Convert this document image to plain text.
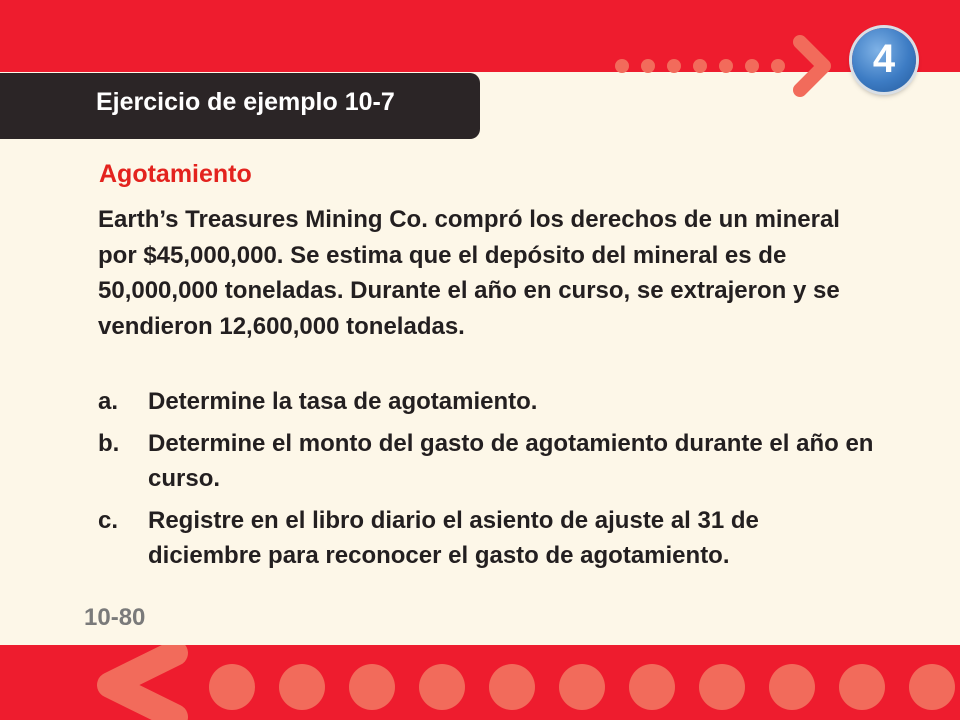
4
Ejercicio de ejemplo 10-7
Agotamiento
Earth’s Treasures Mining Co. compró los derechos de un mineral por $45,000,000. Se estima que el depósito del mineral es de 50,000,000 toneladas. Durante el año en curso, se extrajeron y se vendieron 12,600,000 toneladas.
a. Determine la tasa de agotamiento.
b. Determine el monto del gasto de agotamiento durante el año en curso.
c. Registre en el libro diario el asiento de ajuste al 31 de diciembre para reconocer el gasto de agotamiento.
10-80
